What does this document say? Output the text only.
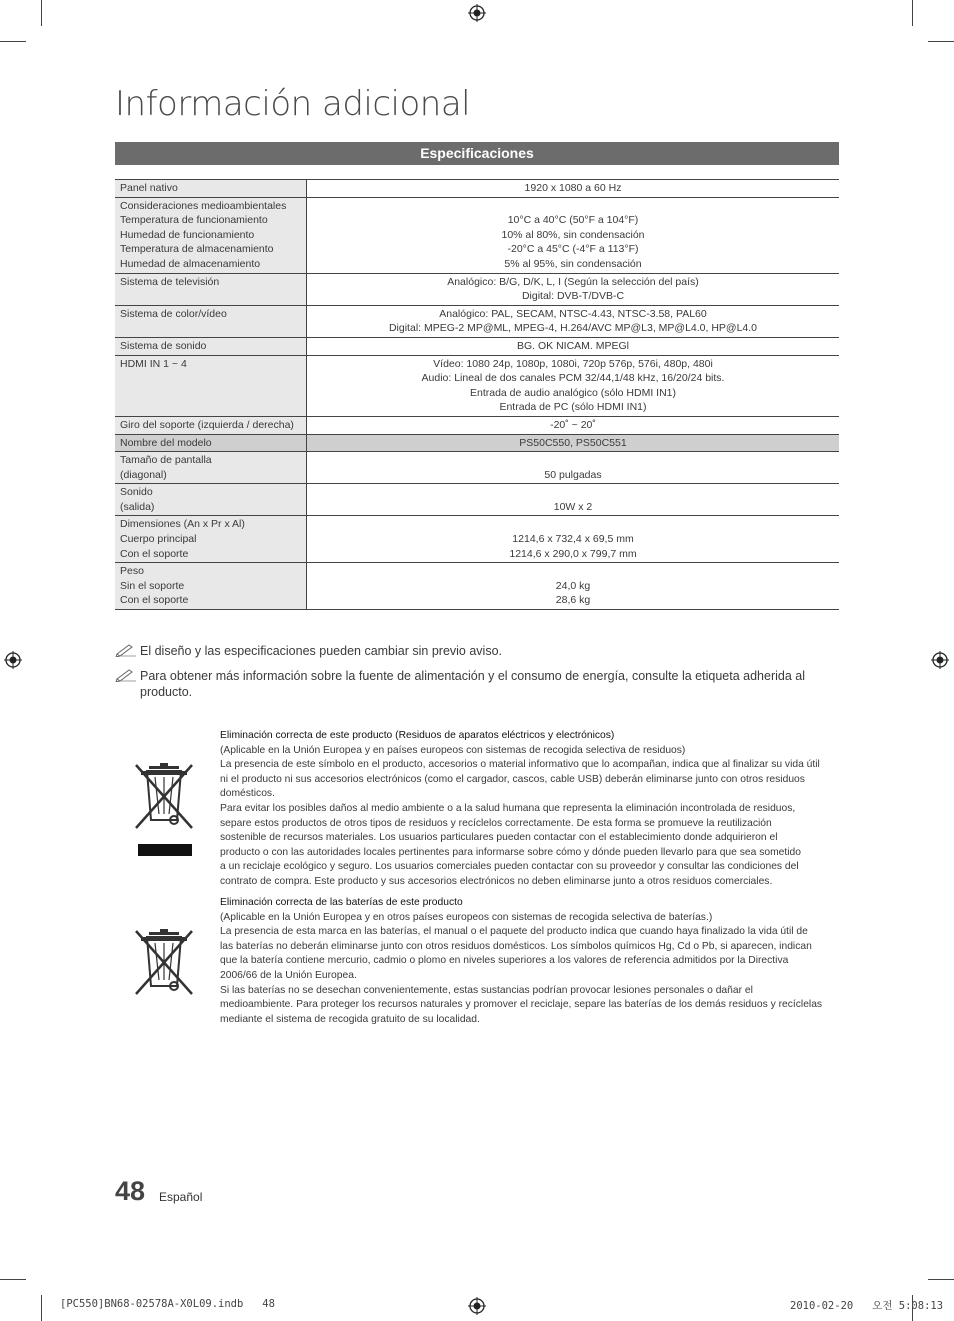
Información adicional
Especificaciones
Panel nativo	1920 x 1080 a 60 Hz

Consideraciones medioambientales
Temperatura de funcionamiento
Humedad de funcionamiento
Temperatura de almacenamiento
Humedad de almacenamiento	10°C a 40°C (50°F a 104°F)
10% al 80%, sin condensación
-20°C a 45°C (-4°F a 113°F)
5% al 95%, sin condensación

Sistema de televisión	Analógico: B/G, D/K, L, I (Según la selección del país)
Digital: DVB-T/DVB-C

Sistema de color/vídeo	Analógico: PAL, SECAM, NTSC-4.43, NTSC-3.58, PAL60
Digital: MPEG-2 MP@ML, MPEG-4, H.264/AVC MP@L3, MP@L4.0, HP@L4.0

Sistema de sonido	BG. OK NICAM. MPEGl

HDMI IN 1 ~ 4	Vídeo: 1080 24p, 1080p, 1080i, 720p 576p, 576i, 480p, 480i
Audio: Lineal de dos canales PCM 32/44,1/48 kHz, 16/20/24 bits.
Entrada de audio analógico (sólo HDMI IN1)
Entrada de PC (sólo HDMI IN1)

Giro del soporte (izquierda / derecha)	-20˚ ~ 20˚

Nombre del modelo	PS50C550, PS50C551

Tamaño de pantalla
(diagonal)	50 pulgadas

Sonido
(salida)	10W x 2

Dimensiones (An x Pr x Al)
Cuerpo principal
Con el soporte	1214,6 x 732,4 x 69,5 mm
1214,6 x 290,0 x 799,7 mm

Peso
Sin el soporte
Con el soporte	24,0 kg
28,6 kg
El diseño y las especificaciones pueden cambiar sin previo aviso.
Para obtener más información sobre la fuente de alimentación y el consumo de energía, consulte la etiqueta adherida al producto.
Eliminación correcta de este producto (Residuos de aparatos eléctricos y electrónicos)
(Aplicable en la Unión Europea y en países europeos con sistemas de recogida selectiva de residuos)
La presencia de este símbolo en el producto, accesorios o material informativo que lo acompañan, indica que al finalizar su vida útil
ni el producto ni sus accesorios electrónicos (como el cargador, cascos, cable USB) deberán eliminarse junto con otros residuos
domésticos.
Para evitar los posibles daños al medio ambiente o a la salud humana que representa la eliminación incontrolada de residuos,
separe estos productos de otros tipos de residuos y recíclelos correctamente. De esta forma se promueve la reutilización
sostenible de recursos materiales. Los usuarios particulares pueden contactar con el establecimiento donde adquirieron el
producto o con las autoridades locales pertinentes para informarse sobre cómo y dónde pueden llevarlo para que sea sometido
a un reciclaje ecológico y seguro. Los usuarios comerciales pueden contactar con su proveedor y consultar las condiciones del
contrato de compra. Este producto y sus accesorios electrónicos no deben eliminarse junto a otros residuos comerciales.
Eliminación correcta de las baterías de este producto
(Aplicable en la Unión Europea y en otros países europeos con sistemas de recogida selectiva de baterías.)
La presencia de esta marca en las baterías, el manual o el paquete del producto indica que cuando haya finalizado la vida útil de
las baterías no deberán eliminarse junto con otros residuos domésticos. Los símbolos químicos Hg, Cd o Pb, si aparecen, indican
que la batería contiene mercurio, cadmio o plomo en niveles superiores a los valores de referencia admitidos por la Directiva
2006/66 de la Unión Europea.
Si las baterías no se desechan convenientemente, estas sustancias podrían provocar lesiones personales o dañar el
medioambiente. Para proteger los recursos naturales y promover el reciclaje, separe las baterías de los demás residuos y recíclelas
mediante el sistema de recogida gratuito de su localidad.
48 Español
[PC550]BN68-02578A-X0L09.indb   48	2010-02-20   오전 5:08:13
